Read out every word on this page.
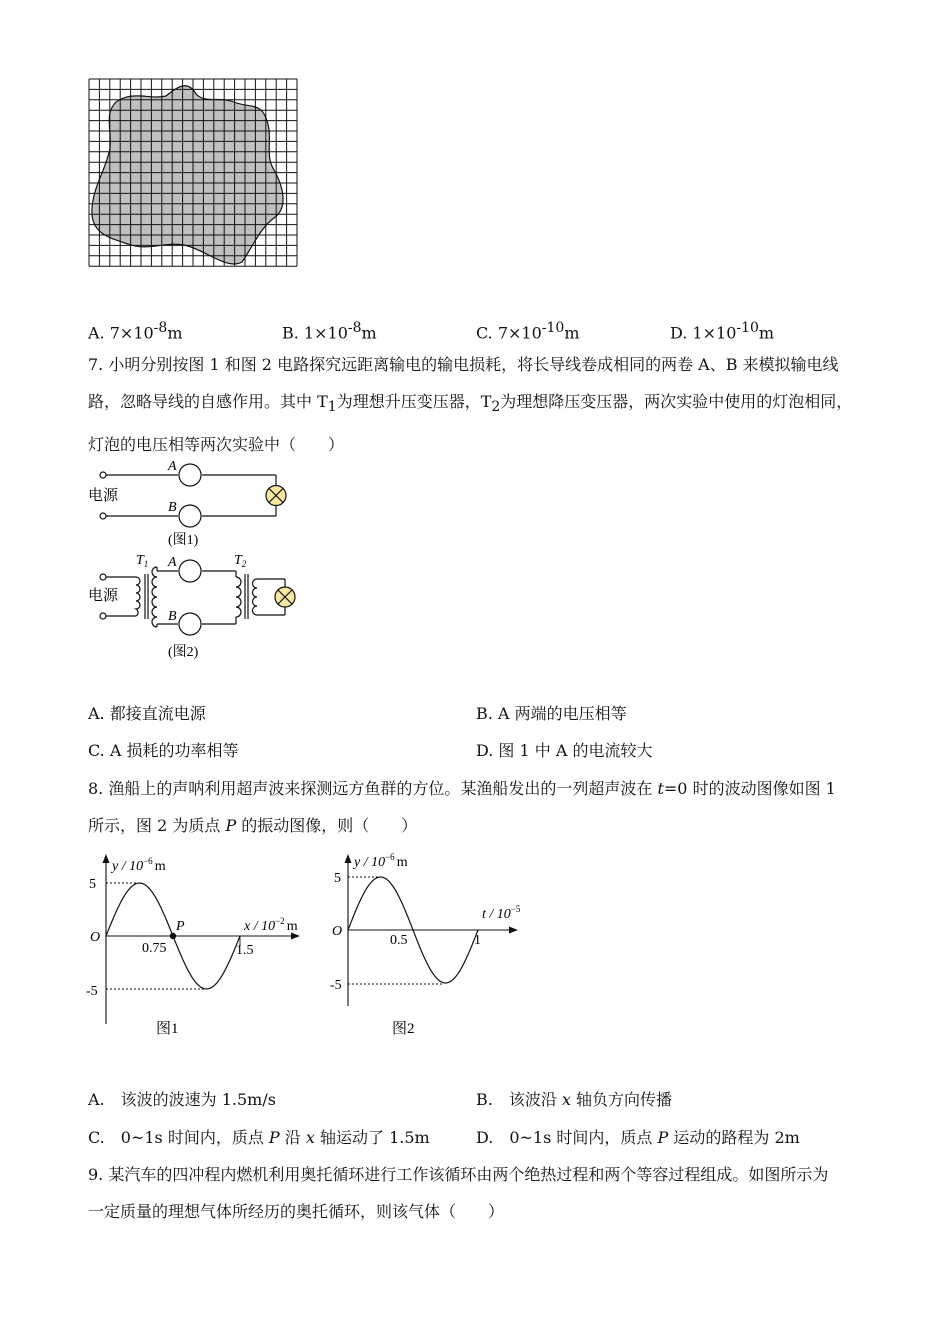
A. $7\times 10^{-8}m$	B. $1\times 10^{-8}m$	C. $7\times 10^{-10}m$	D. $1\times 10^{-10}m$
7. 小明分别按图 1 和图 2 电路探究远距离输电的输电损耗，将长导线卷成相同的两卷 A、B 来模拟输电线
路，忽略导线的自感作用。其中 $T_1$为理想升压变压器，$T_2$为理想降压变压器，两次实验中使用的灯泡相同，
灯泡的电压相等两次实验中（　　）
电源
A
B
(图1)
电源
A
B
$T_1$	$T_2$
(图2)
A. 都接直流电源	B. A 两端的电压相等
C. A 损耗的功率相等	D. 图 1 中 A 的电流较大
8. 渔船上的声呐利用超声波来探测远方鱼群的方位。某渔船发出的一列超声波在 t=0 时的波动图像如图 1
所示，图 2 为质点 P 的振动图像，则（　　）
y / $10^{-6}$ m
x / $10^{-2}$ m
5
-5
O
P
0.75	1.5
图1
y / $10^{-6}$ m
t / $10^{-5}$
5
-5
O
0.5	1
图2
A.　该波的波速为 1.5m/s	B.　该波沿 x 轴负方向传播
C.　0~1s 时间内，质点 P 沿 x 轴运动了 1.5m	D.　0~1s 时间内，质点 P 运动的路程为 2m
9. 某汽车的四冲程内燃机利用奥托循环进行工作该循环由两个绝热过程和两个等容过程组成。如图所示为
一定质量的理想气体所经历的奥托循环，则该气体（　　）
